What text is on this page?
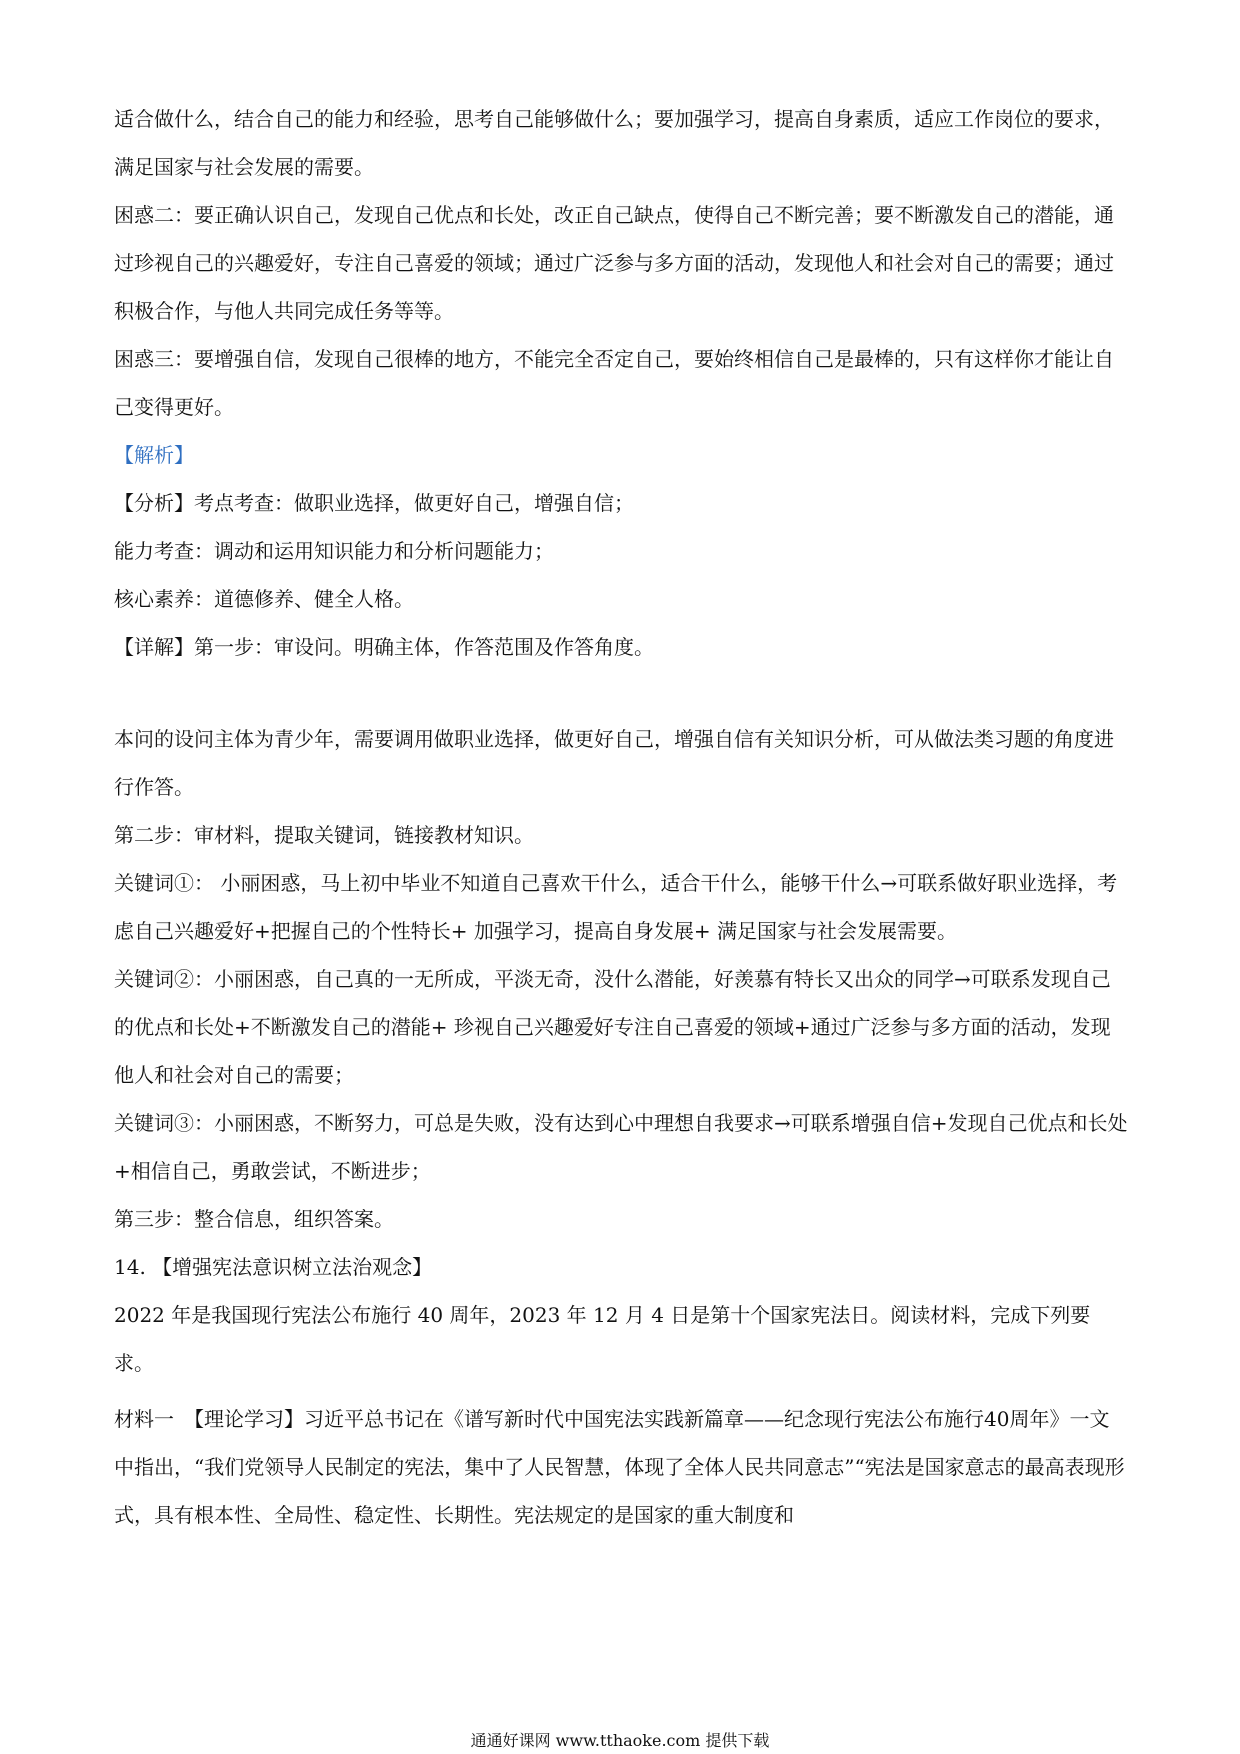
适合做什么，结合自己的能力和经验，思考自己能够做什么；要加强学习，提高自身素质，适应工作岗位的要求，满足国家与社会发展的需要。

困惑二：要正确认识自己，发现自己优点和长处，改正自己缺点，使得自己不断完善；要不断激发自己的潜能，通过珍视自己的兴趣爱好，专注自己喜爱的领域；通过广泛参与多方面的活动，发现他人和社会对自己的需要；通过积极合作，与他人共同完成任务等等。

困惑三：要增强自信，发现自己很棒的地方，不能完全否定自己，要始终相信自己是最棒的，只有这样你才能让自己变得更好。

【解析】

【分析】考点考查：做职业选择，做更好自己，增强自信；

能力考查：调动和运用知识能力和分析问题能力；

核心素养：道德修养、健全人格。

【详解】第一步：审设问。明确主体，作答范围及作答角度。

本问的设问主体为青少年，需要调用做职业选择，做更好自己，增强自信有关知识分析，可从做法类习题的角度进行作答。

第二步：审材料，提取关键词，链接教材知识。

关键词①： 小丽困惑，马上初中毕业不知道自己喜欢干什么，适合干什么，能够干什么→可联系做好职业选择，考虑自己兴趣爱好+把握自己的个性特长+ 加强学习，提高自身发展+ 满足国家与社会发展需要。

关键词②：小丽困惑，自己真的一无所成，平淡无奇，没什么潜能，好羡慕有特长又出众的同学→可联系发现自己的优点和长处+不断激发自己的潜能+ 珍视自己兴趣爱好专注自己喜爱的领域+通过广泛参与多方面的活动，发现他人和社会对自己的需要；

关键词③：小丽困惑，不断努力，可总是失败，没有达到心中理想自我要求→可联系增强自信+发现自己优点和长处+相信自己，勇敢尝试，不断进步；

第三步：整合信息，组织答案。

14. 【增强宪法意识树立法治观念】

2022 年是我国现行宪法公布施行 40 周年，2023 年 12 月 4 日是第十个国家宪法日。阅读材料，完成下列要求。

材料一　【理论学习】习近平总书记在《谱写新时代中国宪法实践新篇章——纪念现行宪法公布施行40周年》一文中指出，“我们党领导人民制定的宪法，集中了人民智慧，体现了全体人民共同意志”“宪法是国家意志的最高表现形式，具有根本性、全局性、稳定性、长期性。宪法规定的是国家的重大制度和

通通好课网 www.tthaoke.com 提供下载
